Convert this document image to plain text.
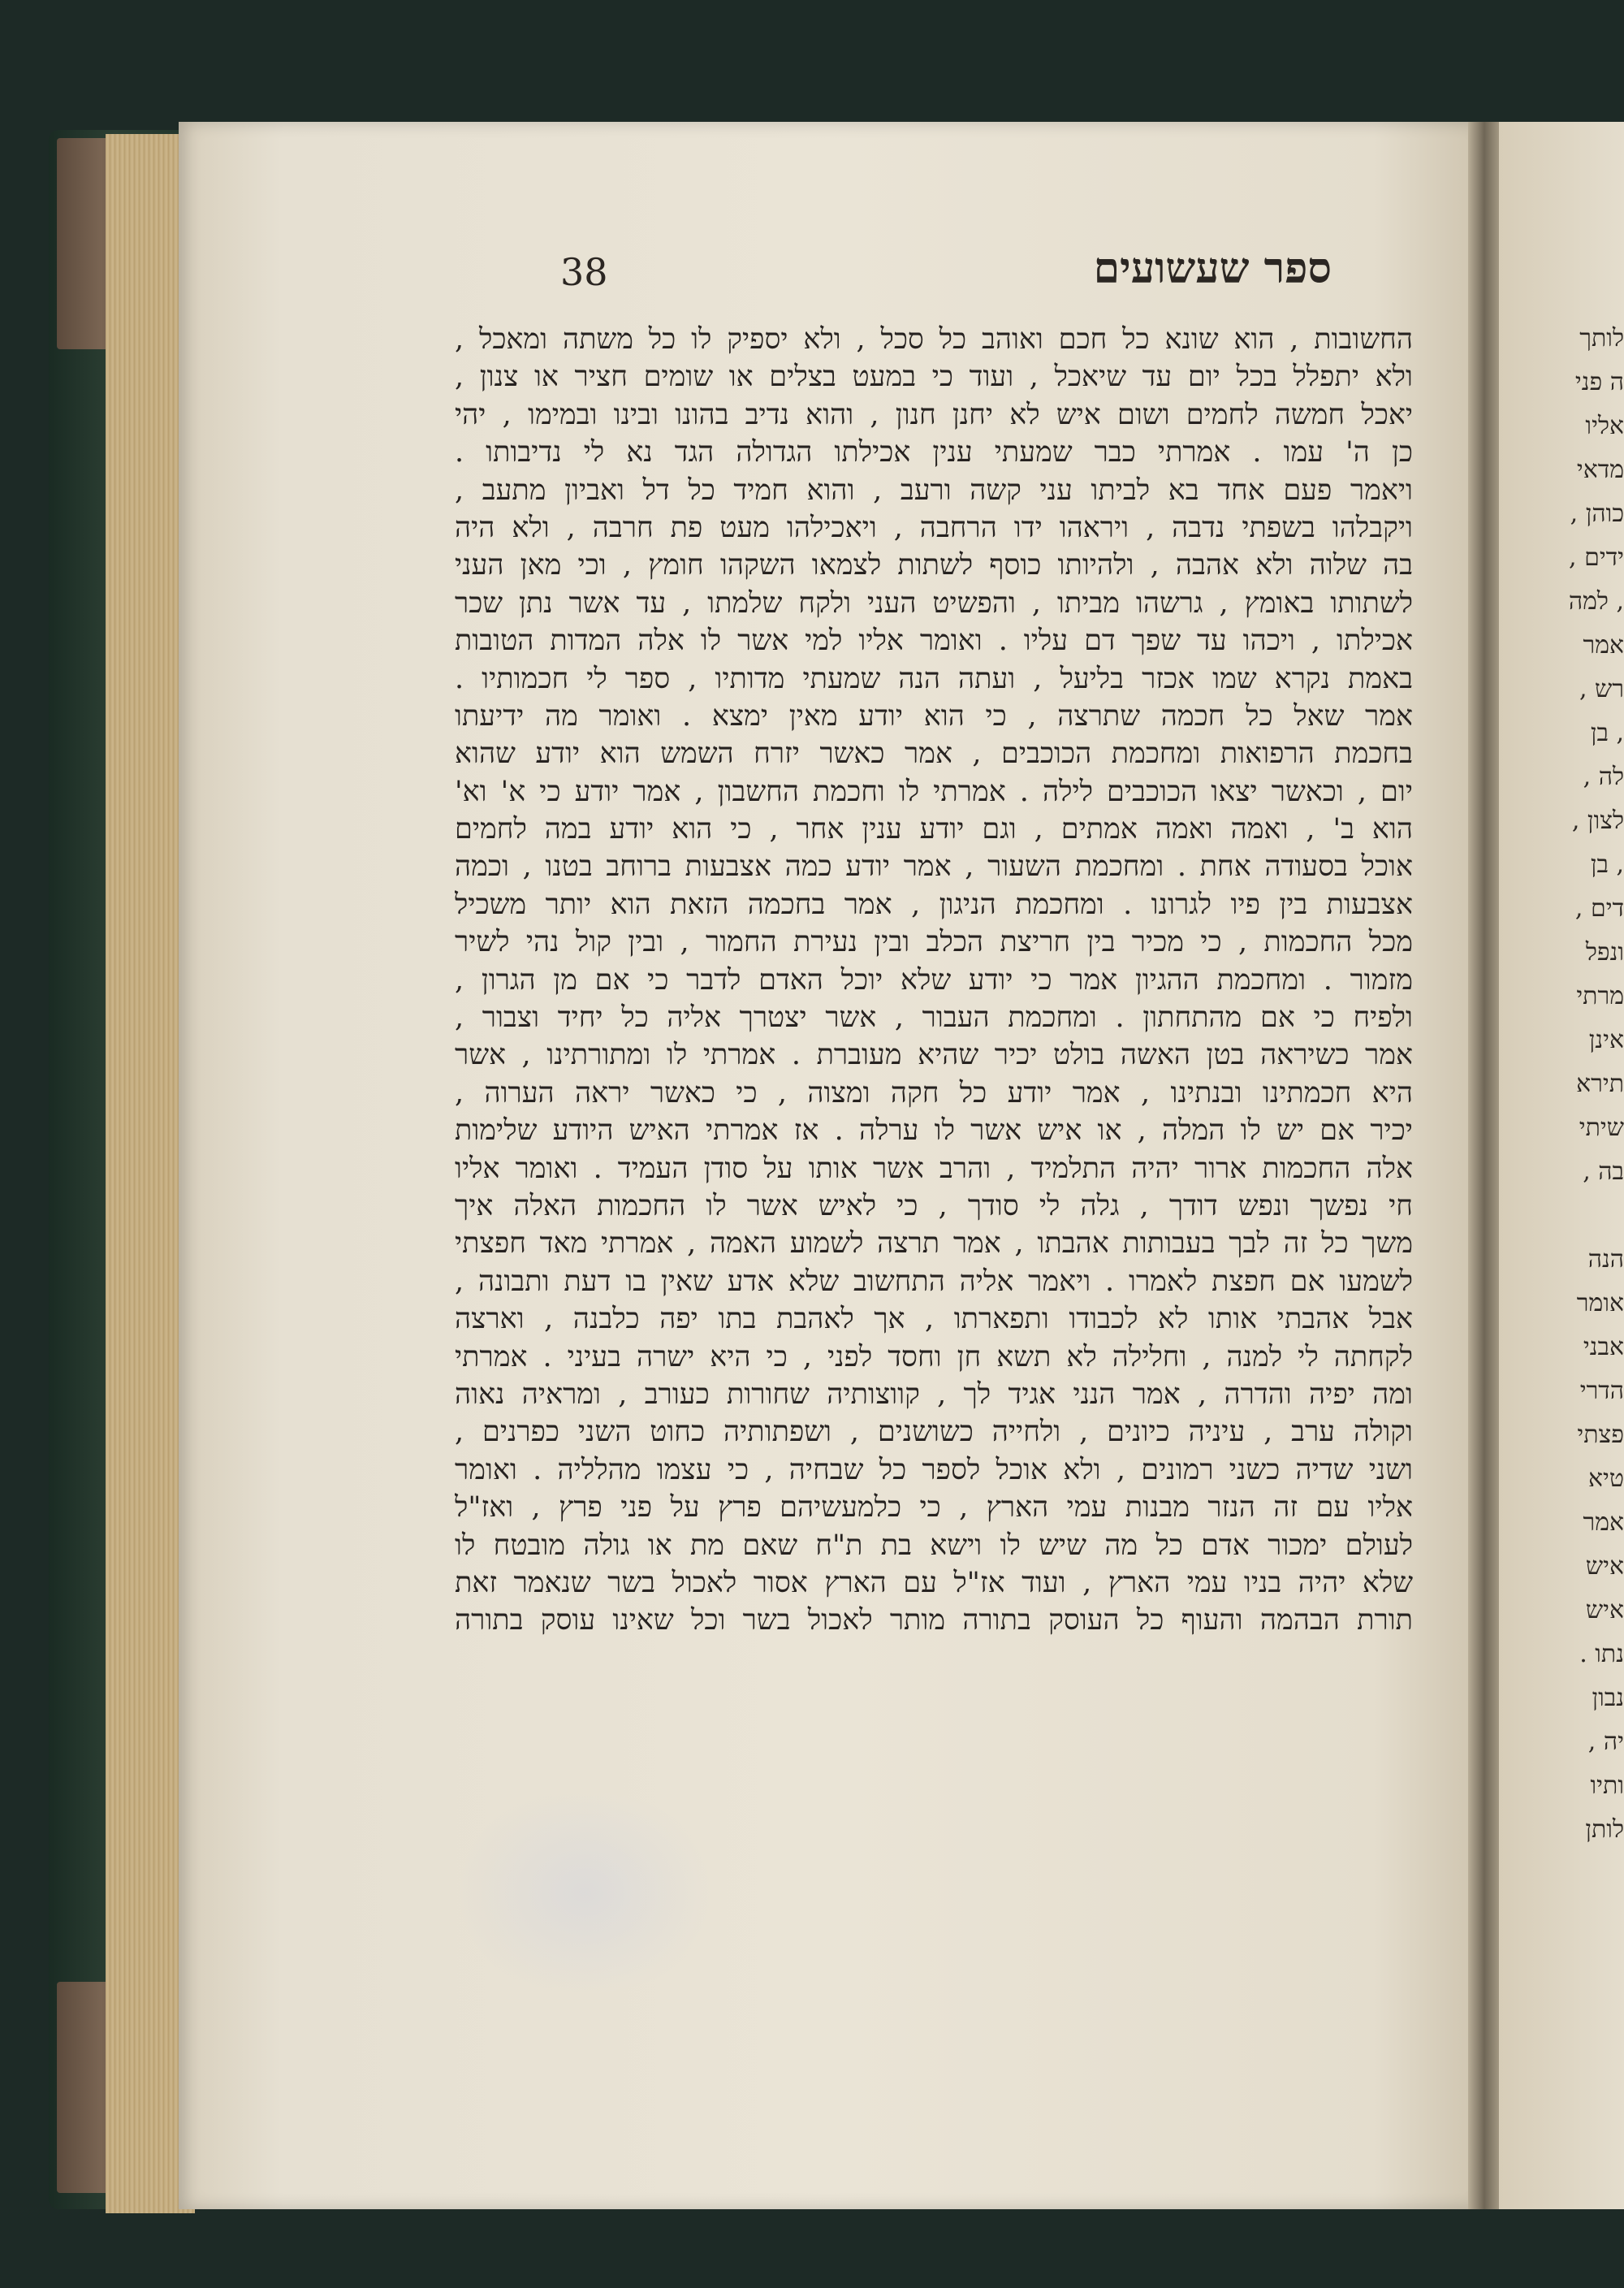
לותך
ה פני
אליו
מדאי
כוהן ,
ידים ,
, למה
אמר
רש ,
, בן
לה ,
לצון ,
, בן
דים ,
ונפל
מרתי
אינן
תירא
שיתי
בה ,

הנה
אומר
אבני
הדרי
פצתי
טיא
אמר
איש
איש
נתו .
נבון
יה ,
ותיו
לותן
38	ספר שעשועים
החשובות , הוא שונא כל חכם ואוהב כל סכל , ולא יספיק לו כל משתה ומאכל ,
ולא יתפלל בכל יום עד שיאכל , ועוד כי במעט בצלים או שומים חציר או צנון ,
יאכל חמשה לחמים ושום איש לא יחנן חנון , והוא נדיב בהונו ובינו ובמימו , יהי
כן ה' עמו . אמרתי כבר שמעתי ענין אכילתו הגדולה הגד נא לי נדיבותו .
ויאמר פעם אחד בא לביתו עני קשה ורעב , והוא חמיד כל דל ואביון מתעב ,
ויקבלהו בשפתי נדבה , ויראהו ידו הרחבה , ויאכילהו מעט פת חרבה , ולא היה
בה שלוה ולא אהבה , ולהיותו כוסף לשתות לצמאו השקהו חומץ , וכי מאן העני
לשתותו באומץ , גרשהו מביתו , והפשיט העני ולקח שלמתו , עד אשר נתן שכר
אכילתו , ויכהו עד שפך דם עליו . ואומר אליו למי אשר לו אלה המדות הטובות
באמת נקרא שמו אכזר בליעל , ועתה הנה שמעתי מדותיו , ספר לי חכמותיו .
אמר שאל כל חכמה שתרצה , כי הוא יודע מאין ימצא . ואומר מה ידיעתו
בחכמת הרפואות ומחכמת הכוכבים , אמר כאשר יזרח השמש הוא יודע שהוא
יום , וכאשר יצאו הכוכבים לילה . אמרתי לו וחכמת החשבון , אמר יודע כי א' וא'
הוא ב' , ואמה ואמה אמתים , וגם יודע ענין אחר , כי הוא יודע במה לחמים
אוכל בסעודה אחת . ומחכמת השעור , אמר יודע כמה אצבעות ברוחב בטנו , וכמה
אצבעות בין פיו לגרונו . ומחכמת הניגון , אמר בחכמה הזאת הוא יותר משכיל
מכל החכמות , כי מכיר בין חריצת הכלב ובין נעירת החמור , ובין קול נהי לשיר
מזמור . ומחכמת ההגיון אמר כי יודע שלא יוכל האדם לדבר כי אם מן הגרון ,
ולפיח כי אם מהתחתון . ומחכמת העבור , אשר יצטרך אליה כל יחיד וצבור ,
אמר כשיראה בטן האשה בולט יכיר שהיא מעוברת . אמרתי לו ומתורתינו , אשר
היא חכמתינו ובנתינו , אמר יודע כל חקה ומצוה , כי כאשר יראה הערוה ,
יכיר אם יש לו המלה , או איש אשר לו ערלה . אז אמרתי האיש היודע שלימות
אלה החכמות ארור יהיה התלמיד , והרב אשר אותו על סודן העמיד . ואומר אליו
חי נפשך ונפש דודך , גלה לי סודך , כי לאיש אשר לו החכמות האלה איך
משך כל זה לבך בעבותות אהבתו , אמר תרצה לשמוע האמה , אמרתי מאד חפצתי
לשמעו אם חפצת לאמרו . ויאמר אליה התחשוב שלא אדע שאין בו דעת ותבונה ,
אבל אהבתי אותו לא לכבודו ותפארתו , אך לאהבת בתו יפה כלבנה , וארצה
לקחתה לי למנה , וחלילה לא תשא חן וחסד לפני , כי היא ישרה בעיני . אמרתי
ומה יפיה והדרה , אמר הנני אגיד לך , קווצותיה שחורות כעורב , ומראיה נאוה
וקולה ערב , עיניה כיונים , ולחייה כשושנים , ושפתותיה כחוט השני כפרנים ,
ושני שדיה כשני רמונים , ולא אוכל לספר כל שבחיה , כי עצמו מהלליה . ואומר
אליו עם זה הנזר מבנות עמי הארץ , כי כלמעשיהם פרץ על פני פרץ , ואז"ל
לעולם ימכור אדם כל מה שיש לו וישא בת ת"ח שאם מת או גולה מובטח לו
שלא יהיה בניו עמי הארץ , ועוד אז"ל עם הארץ אסור לאכול בשר שנאמר זאת
תורת הבהמה והעוף כל העוסק בתורה מותר לאכול בשר וכל שאינו עוסק בתורה
